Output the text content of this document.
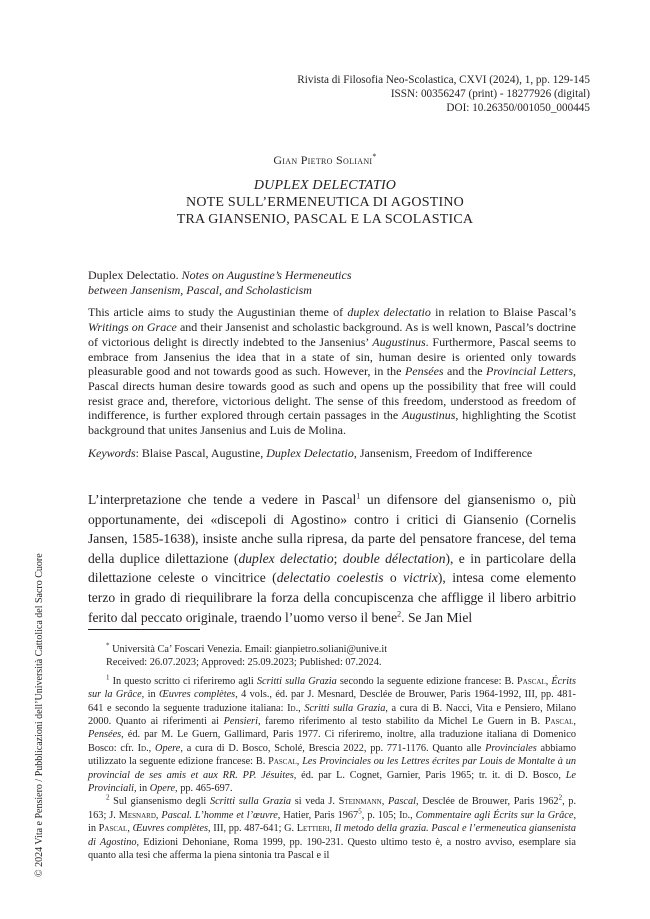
Rivista di Filosofia Neo-Scolastica, CXVI (2024), 1, pp. 129-145
ISSN: 00356247 (print) - 18277926 (digital)
DOI: 10.26350/001050_000445
Gian Pietro Soliani*
DUPLEX DELECTATIO
NOTE SULL’ERMENEUTICA DI AGOSTINO
TRA GIANSENIO, PASCAL E LA SCOLASTICA
Duplex Delectatio. Notes on Augustine’s Hermeneutics
between Jansenism, Pascal, and Scholasticism

This article aims to study the Augustinian theme of duplex delectatio in relation to Blaise Pascal’s Writings on Grace and their Jansenist and scholastic background. As is well known, Pascal’s doctrine of victorious delight is directly indebted to the Jansenius’ Augustinus. Furthermore, Pascal seems to embrace from Jansenius the idea that in a state of sin, human desire is oriented only towards pleasurable good and not towards good as such. However, in the Pensées and the Provincial Letters, Pascal directs human desire towards good as such and opens up the possibility that free will could resist grace and, therefore, victorious delight. The sense of this freedom, understood as freedom of indifference, is further explored through certain passages in the Augustinus, highlighting the Scotist background that unites Jansenius and Luis de Molina.

Keywords: Blaise Pascal, Augustine, Duplex Delectatio, Jansenism, Freedom of Indifference

L’interpretazione che tende a vedere in Pascal$^1$ un difensore del giansenismo o, più opportunamente, dei «discepoli di Agostino» contro i critici di Giansenio (Cornelis Jansen, 1585-1638), insiste anche sulla ripresa, da parte del pensatore francese, del tema della duplice dilettazione (duplex delectatio; double délectation), e in particolare della dilettazione celeste o vincitrice (delectatio coelestis o victrix), intesa come elemento terzo in grado di riequilibrare la forza della concupiscenza che affligge il libero arbitrio ferito dal peccato originale, traendo l’uomo verso il bene$^2$. Se Jan Miel

* Università Ca’ Foscari Venezia. Email: gianpietro.soliani@unive.it
Received: 26.07.2023; Approved: 25.09.2023; Published: 07.2024.

$^1$ In questo scritto ci riferiremo agli Scritti sulla Grazia secondo la seguente edizione francese: B. Pascal, Écrits sur la Grâce, in Œuvres complètes, 4 vols., éd. par J. Mesnard, Desclée de Brouwer, Paris 1964-1992, III, pp. 481-641 e secondo la seguente traduzione italiana: Id., Scritti sulla Grazia, a cura di B. Nacci, Vita e Pensiero, Milano 2000. Quanto ai riferimenti ai Pensieri, faremo riferimento al testo stabilito da Michel Le Guern in B. Pascal, Pensées, éd. par M. Le Guern, Gallimard, Paris 1977. Ci riferiremo, inoltre, alla traduzione italiana di Domenico Bosco: cfr. Id., Opere, a cura di D. Bosco, Scholé, Brescia 2022, pp. 771-1176. Quanto alle Provinciales abbiamo utilizzato la seguente edizione francese: B. Pascal, Les Provinciales ou les Lettres écrites par Louis de Montalte à un provincial de ses amis et aux RR. PP. Jésuites, éd. par L. Cognet, Garnier, Paris 1965; tr. it. di D. Bosco, Le Provinciali, in Opere, pp. 465-697.

$^2$ Sul giansenismo degli Scritti sulla Grazia si veda J. Steinmann, Pascal, Desclée de Brouwer, Paris 1962$^2$, p. 163; J. Mesnard, Pascal. L’homme et l’œuvre, Hatier, Paris 1967$^5$, p. 105; Id., Commentaire agli Écrits sur la Grâce, in Pascal, Œuvres complètes, III, pp. 487-641; G. Lettieri, Il metodo della grazia. Pascal e l’ermeneutica giansenista di Agostino, Edizioni Dehoniane, Roma 1999, pp. 190-231. Questo ultimo testo è, a nostro avviso, esemplare sia quanto alla tesi che afferma la piena sintonia tra Pascal e il

© 2024 Vita e Pensiero / Pubblicazioni dell’Università Cattolica del Sacro Cuore
